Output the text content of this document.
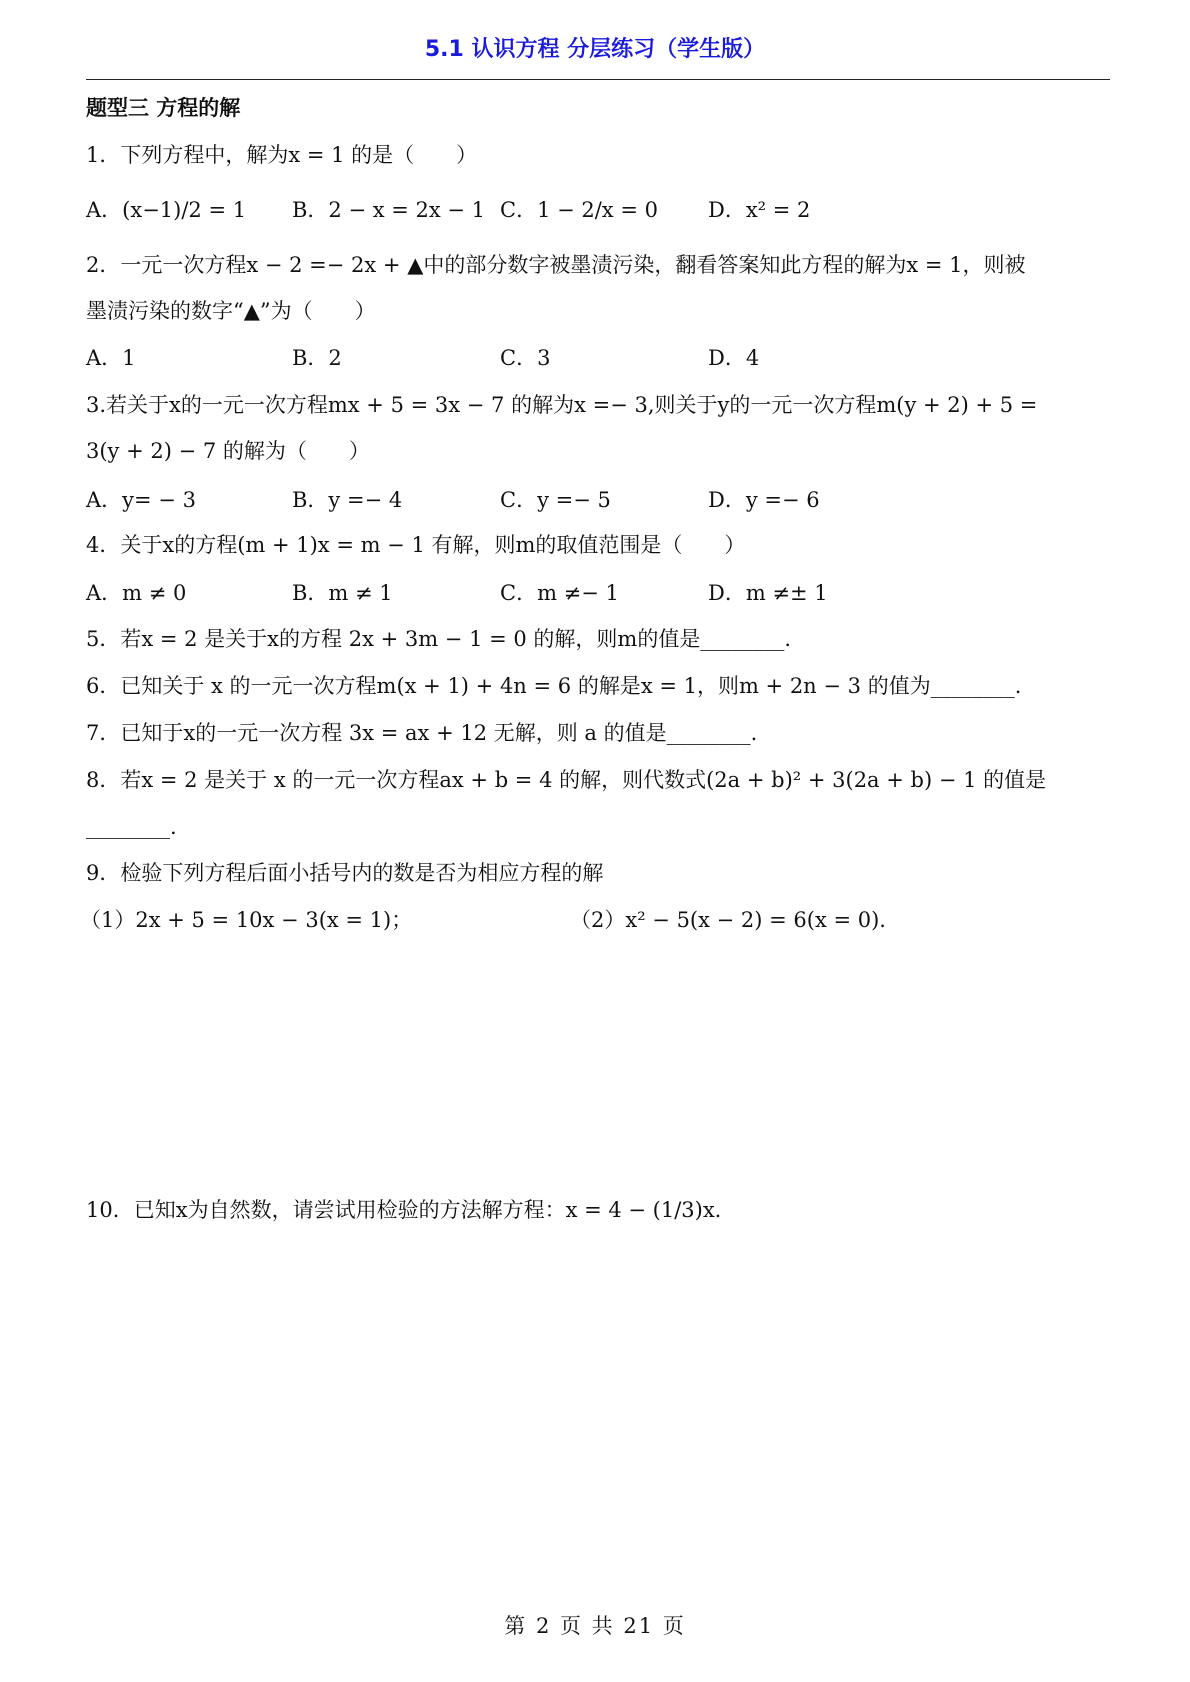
5.1 认识方程 分层练习（学生版）
题型三 方程的解
1．下列方程中，解为x = 1 的是（　　）
A．(x−1)/2 = 1 B．2 − x = 2x − 1 C．1 − 2/x = 0 D．x² = 2
2．一元一次方程x − 2 =− 2x + ▲中的部分数字被墨渍污染，翻看答案知此方程的解为x = 1，则被
墨渍污染的数字“▲”为（　　）
A．1	B．2	C．3	D．4
3.若关于x的一元一次方程mx + 5 = 3x − 7 的解为x =− 3,则关于y的一元一次方程m(y + 2) + 5 =
3(y + 2) − 7 的解为（　　）
A．y= − 3	B．y =− 4	C．y =− 5	D．y =− 6
4．关于x的方程(m + 1)x = m − 1 有解，则m的取值范围是（　　）
A．m ≠ 0	B．m ≠ 1	C．m ≠− 1	D．m ≠± 1
5．若x = 2 是关于x的方程 2x + 3m − 1 = 0 的解，则m的值是________.
6．已知关于 x 的一元一次方程m(x + 1) + 4n = 6 的解是x = 1，则m + 2n − 3 的值为________.
7．已知于x的一元一次方程 3x = ax + 12 无解，则 a 的值是________.
8．若x = 2 是关于 x 的一元一次方程ax + b = 4 的解，则代数式(2a + b)² + 3(2a + b) − 1 的值是
________.
9．检验下列方程后面小括号内的数是否为相应方程的解
（1）2x + 5 = 10x − 3(x = 1)；	（2）x² − 5(x − 2) = 6(x = 0).
10．已知x为自然数，请尝试用检验的方法解方程：x = 4 − (1/3)x.
第 2 页 共 21 页
